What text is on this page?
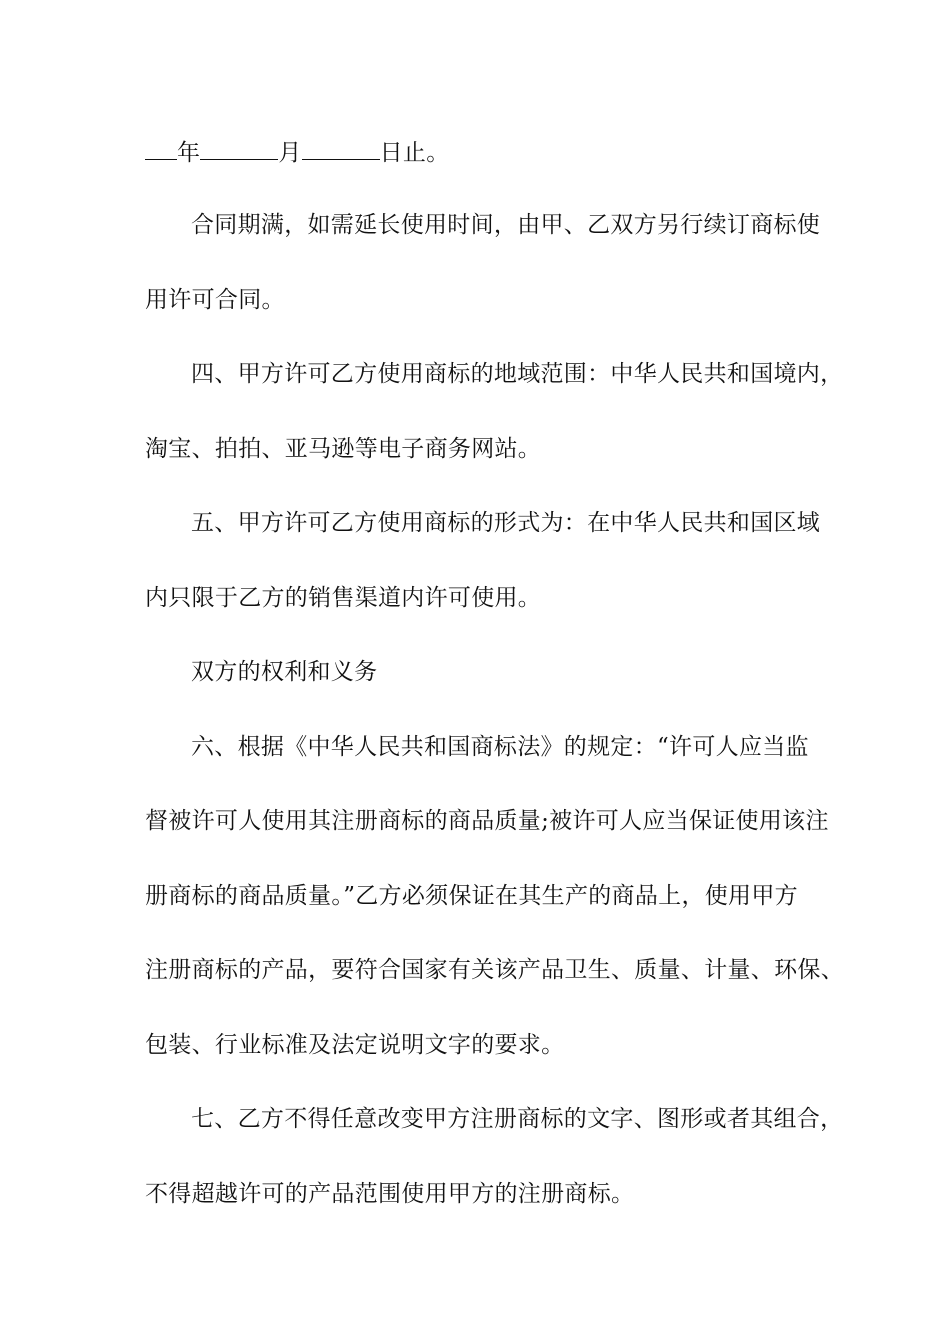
年	月	日止。
合同期满，如需延长使用时间，由甲、乙双方另行续订商标使
用许可合同。
四、甲方许可乙方使用商标的地域范围：中华人民共和国境内，
淘宝、拍拍、亚马逊等电子商务网站。
五、甲方许可乙方使用商标的形式为：在中华人民共和国区域
内只限于乙方的销售渠道内许可使用。
双方的权利和义务
六、根据《中华人民共和国商标法》的规定：“许可人应当监
督被许可人使用其注册商标的商品质量;被许可人应当保证使用该注
册商标的商品质量。”乙方必须保证在其生产的商品上，使用甲方
注册商标的产品，要符合国家有关该产品卫生、质量、计量、环保、
包装、行业标准及法定说明文字的要求。
七、乙方不得任意改变甲方注册商标的文字、图形或者其组合，
不得超越许可的产品范围使用甲方的注册商标。
